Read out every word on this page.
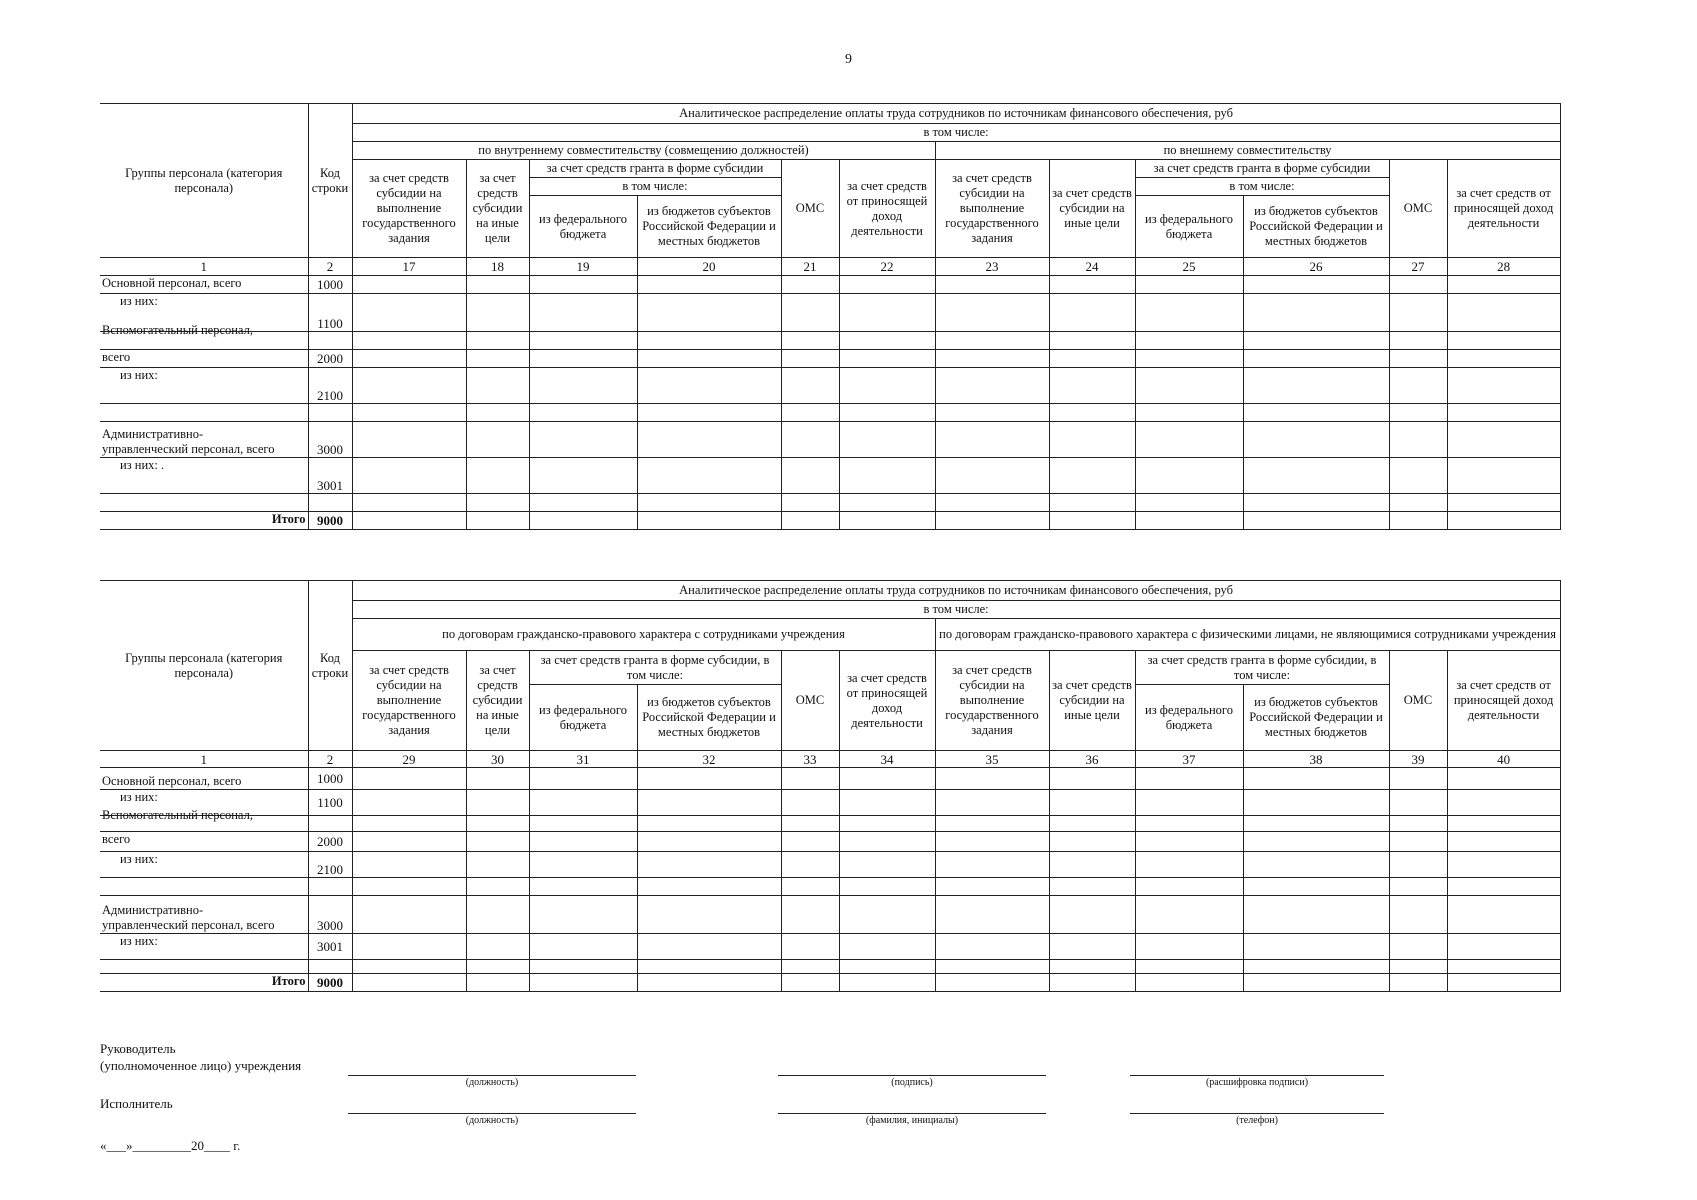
9
Группы персонала (категория персонала)	Код строки	Аналитическое распределение оплаты труда сотрудников по источникам финансового обеспечения, руб											
		в том числе:											
		по внутреннему совместительству (совмещению должностей)						по внешнему совместительству					
		за счет средств субсидии на выполнение государственного задания	за счет средств субсидии на иные цели	за счет средств гранта в форме субсидии		ОМС	за счет средств от приносящей доход деятельности	за счет средств субсидии на выполнение государственного задания	за счет средств субсидии на иные цели	за счет средств гранта в форме субсидии		ОМС	за счет средств от приносящей доход деятельности
				в том числе:						в том числе:			
				из федерального бюджета	из бюджетов субъектов Российской Федерации и местных бюджетов					из федерального бюджета	из бюджетов субъектов Российской Федерации и местных бюджетов		
1	2	17	18	19	20	21	22	23	24	25	26	27	28
Основной персонал, всего	1000												
из них:	1100												

Вспомогательный персонал,													

всего	2000												
из них:	2100												

Административно-
управленческий персонал, всего	3000												
из них: .	3001												

Итого	9000												
Группы персонала (категория персонала)	Код строки	Аналитическое распределение оплаты труда сотрудников по источникам финансового обеспечения, руб											
		в том числе:											
		по договорам гражданско-правового характера с сотрудниками учреждения						по договорам гражданско-правового характера с физическими лицами, не являющимися сотрудниками учреждения					
		за счет средств субсидии на выполнение государственного задания	за счет средств субсидии на иные цели	за счет средств гранта в форме субсидии, в том числе:		ОМС	за счет средств от приносящей доход деятельности	за счет средств субсидии на выполнение государственного задания	за счет средств субсидии на иные цели	за счет средств гранта в форме субсидии, в том числе:		ОМС	за счет средств от приносящей доход деятельности
				из федерального бюджета	из бюджетов субъектов Российской Федерации и местных бюджетов					из федерального бюджета	из бюджетов субъектов Российской Федерации и местных бюджетов		
1	2	29	30	31	32	33	34	35	36	37	38	39	40
Основной персонал, всего	1000												
из них:	1100												

Вспомогательный персонал,													

всего	2000												
из них:	2100												

Административно-
управленческий персонал, всего	3000												
из них:	3001												

Итого	9000												
Руководитель
(уполномоченное лицо) учреждения
(должность)	(подпись)	(расшифровка подписи)
Исполнитель
(должность)	(фамилия, инициалы)	(телефон)
«___»_________20____ г.
